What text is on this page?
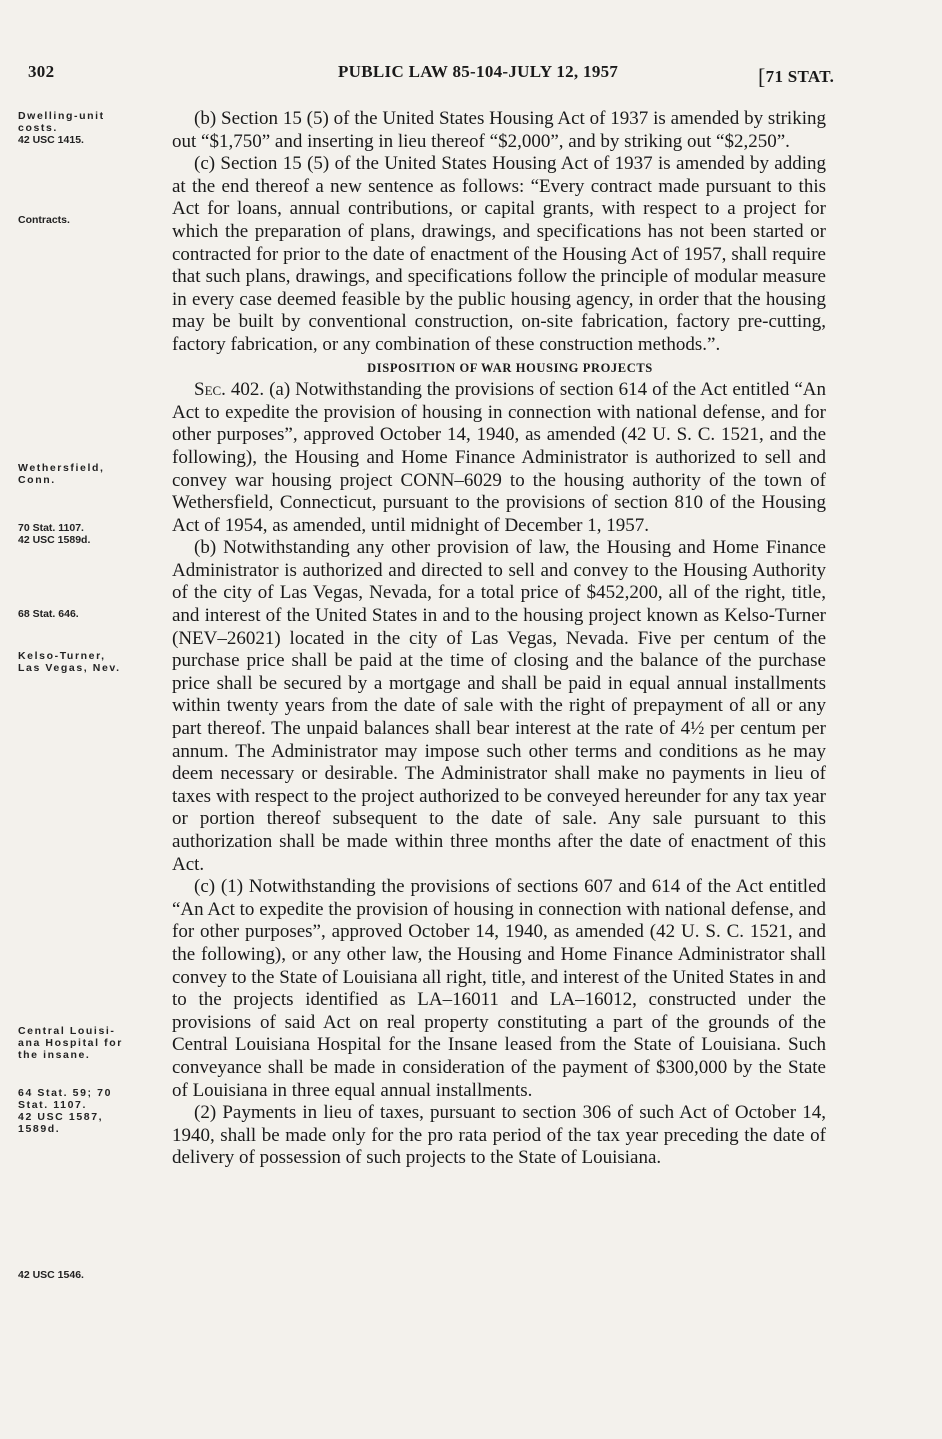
302	PUBLIC LAW 85-104-JULY 12, 1957	[71 STAT.
Dwelling-unit
costs.
42 USC 1415.
Contracts.
Wethersfield,
Conn.
70 Stat. 1107.
42 USC 1589d.
68 Stat. 646.
Kelso-Turner,
Las Vegas, Nev.
Central Louisi-
ana Hospital for
the insane.
64 Stat. 59; 70
Stat. 1107.
42 USC 1587,
1589d.
42 USC 1546.

(b) Section 15 (5) of the United States Housing Act of 1937 is amended by striking out “$1,750” and inserting in lieu thereof “$2,000”, and by striking out “$2,250”.

(c) Section 15 (5) of the United States Housing Act of 1937 is amended by adding at the end thereof a new sentence as follows: “Every contract made pursuant to this Act for loans, annual contributions, or capital grants, with respect to a project for which the preparation of plans, drawings, and specifications has not been started or contracted for prior to the date of enactment of the Housing Act of 1957, shall require that such plans, drawings, and specifications follow the principle of modular measure in every case deemed feasible by the public housing agency, in order that the housing may be built by conventional construction, on-site fabrication, factory pre-cutting, factory fabrication, or any combination of these construction methods.”.

DISPOSITION OF WAR HOUSING PROJECTS

Sec. 402. (a) Notwithstanding the provisions of section 614 of the Act entitled “An Act to expedite the provision of housing in connection with national defense, and for other purposes”, approved October 14, 1940, as amended (42 U. S. C. 1521, and the following), the Housing and Home Finance Administrator is authorized to sell and convey war housing project CONN–6029 to the housing authority of the town of Wethersfield, Connecticut, pursuant to the provisions of section 810 of the Housing Act of 1954, as amended, until midnight of December 1, 1957.

(b) Notwithstanding any other provision of law, the Housing and Home Finance Administrator is authorized and directed to sell and convey to the Housing Authority of the city of Las Vegas, Nevada, for a total price of $452,200, all of the right, title, and interest of the United States in and to the housing project known as Kelso-Turner (NEV–26021) located in the city of Las Vegas, Nevada. Five per centum of the purchase price shall be paid at the time of closing and the balance of the purchase price shall be secured by a mortgage and shall be paid in equal annual installments within twenty years from the date of sale with the right of prepayment of all or any part thereof. The unpaid balances shall bear interest at the rate of 4½ per centum per annum. The Administrator may impose such other terms and conditions as he may deem necessary or desirable. The Administrator shall make no payments in lieu of taxes with respect to the project authorized to be conveyed hereunder for any tax year or portion thereof subsequent to the date of sale. Any sale pursuant to this authorization shall be made within three months after the date of enactment of this Act.

(c) (1) Notwithstanding the provisions of sections 607 and 614 of the Act entitled “An Act to expedite the provision of housing in connection with national defense, and for other purposes”, approved October 14, 1940, as amended (42 U. S. C. 1521, and the following), or any other law, the Housing and Home Finance Administrator shall convey to the State of Louisiana all right, title, and interest of the United States in and to the projects identified as LA–16011 and LA–16012, constructed under the provisions of said Act on real property constituting a part of the grounds of the Central Louisiana Hospital for the Insane leased from the State of Louisiana. Such conveyance shall be made in consideration of the payment of $300,000 by the State of Louisiana in three equal annual installments.

(2) Payments in lieu of taxes, pursuant to section 306 of such Act of October 14, 1940, shall be made only for the pro rata period of the tax year preceding the date of delivery of possession of such projects to the State of Louisiana.
